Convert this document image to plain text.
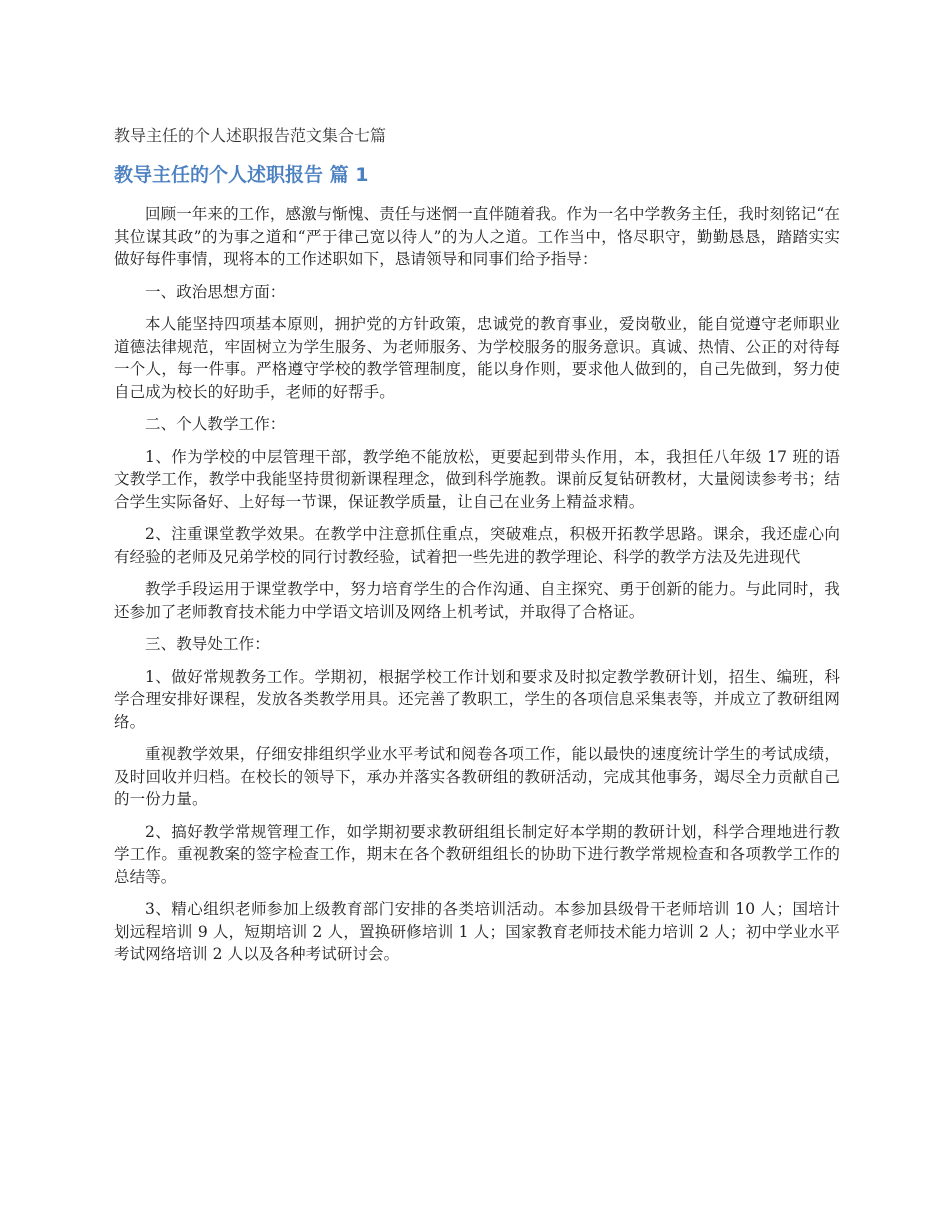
教导主任的个人述职报告范文集合七篇
教导主任的个人述职报告 篇 1

回顾一年来的工作，感激与惭愧、责任与迷惘一直伴随着我。作为一名中学教务主任，我时刻铭记“在其位谋其政”的为事之道和“严于律己宽以待人”的为人之道。工作当中，恪尽职守，勤勤恳恳，踏踏实实做好每件事情，现将本的工作述职如下，恳请领导和同事们给予指导：

一、政治思想方面：

本人能坚持四项基本原则，拥护党的方针政策，忠诚党的教育事业，爱岗敬业，能自觉遵守老师职业道德法律规范，牢固树立为学生服务、为老师服务、为学校服务的服务意识。真诚、热情、公正的对待每一个人，每一件事。严格遵守学校的教学管理制度，能以身作则，要求他人做到的，自己先做到，努力使自己成为校长的好助手，老师的好帮手。

二、个人教学工作：

1、作为学校的中层管理干部，教学绝不能放松，更要起到带头作用，本，我担任八年级 17 班的语文教学工作，教学中我能坚持贯彻新课程理念，做到科学施教。课前反复钻研教材，大量阅读参考书；结合学生实际备好、上好每一节课，保证教学质量，让自己在业务上精益求精。

2、注重课堂教学效果。在教学中注意抓住重点，突破难点，积极开拓教学思路。课余，我还虚心向有经验的老师及兄弟学校的同行讨教经验，试着把一些先进的教学理论、科学的教学方法及先进现代

教学手段运用于课堂教学中，努力培育学生的合作沟通、自主探究、勇于创新的能力。与此同时，我还参加了老师教育技术能力中学语文培训及网络上机考试，并取得了合格证。

三、教导处工作：

1、做好常规教务工作。学期初，根据学校工作计划和要求及时拟定教学教研计划，招生、编班，科学合理安排好课程，发放各类教学用具。还完善了教职工，学生的各项信息采集表等，并成立了教研组网络。

重视教学效果，仔细安排组织学业水平考试和阅卷各项工作，能以最快的速度统计学生的考试成绩，及时回收并归档。在校长的领导下，承办并落实各教研组的教研活动，完成其他事务，竭尽全力贡献自己的一份力量。

2、搞好教学常规管理工作，如学期初要求教研组组长制定好本学期的教研计划，科学合理地进行教学工作。重视教案的签字检查工作，期末在各个教研组组长的协助下进行教学常规检查和各项教学工作的总结等。

3、精心组织老师参加上级教育部门安排的各类培训活动。本参加县级骨干老师培训 10 人；国培计划远程培训 9 人，短期培训 2 人，置换研修培训 1 人；国家教育老师技术能力培训 2 人；初中学业水平考试网络培训 2 人以及各种考试研讨会。
